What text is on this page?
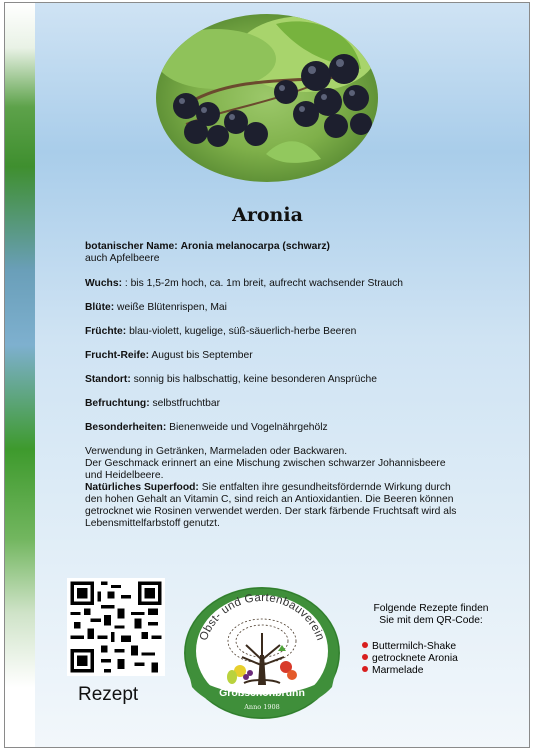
Aronia
botanischer Name: Aronia melanocarpa (schwarz)
auch Apfelbeere
Wuchs: : bis 1,5-2m hoch, ca. 1m breit, aufrecht wachsender Strauch
Blüte: weiße Blütenrispen, Mai
Früchte: blau-violett, kugelige, süß-säuerlich-herbe Beeren
Frucht-Reife: August bis September
Standort: sonnig bis halbschattig, keine besonderen Ansprüche
Befruchtung: selbstfruchtbar
Besonderheiten: Bienenweide und Vogelnährgehölz
Verwendung in Getränken, Marmeladen oder Backwaren.
Der Geschmack erinnert an eine Mischung zwischen schwarzer Johannisbeere
und Heidelbeere.
Natürliches Superfood: Sie entfalten ihre gesundheitsfördernde Wirkung durch
den hohen Gehalt an Vitamin C, sind reich an Antioxidantien. Die Beeren können
getrocknet wie Rosinen verwendet werden. Der stark färbende Fruchtsaft wird als
Lebensmittelfarbstoff genutzt.
Rezept
Obst- und Gartenbauverein
Großschönbrunn
Anno 1908
Folgende Rezepte finden
Sie mit dem QR-Code:
Buttermilch-Shake
getrocknete Aronia
Marmelade
